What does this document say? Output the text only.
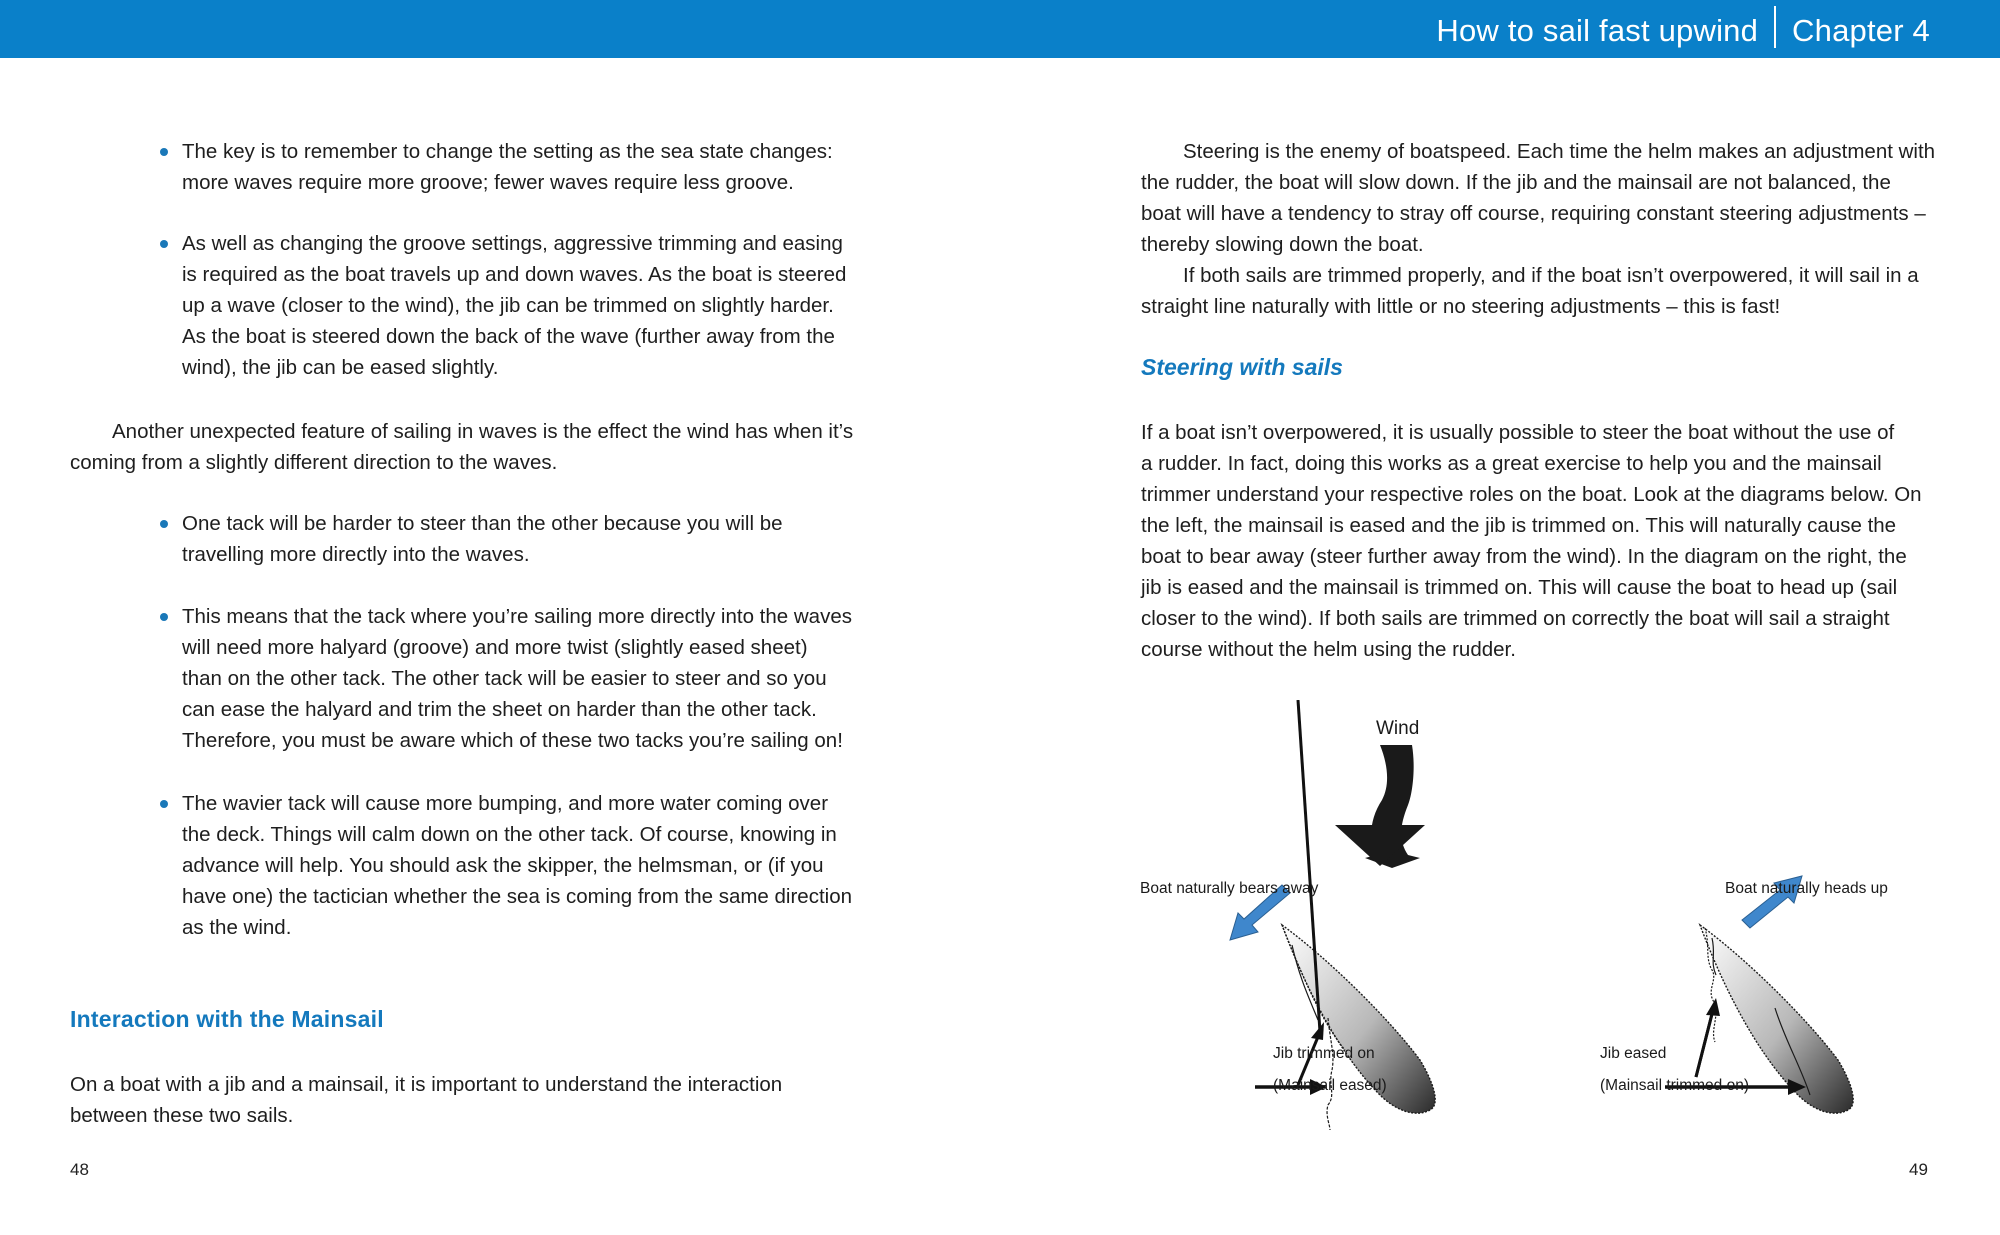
How to sail fast upwind Chapter 4
The key is to remember to change the setting as the sea state changes:
more waves require more groove; fewer waves require less groove.
As well as changing the groove settings, aggressive trimming and easing
is required as the boat travels up and down waves. As the boat is steered
up a wave (closer to the wind), the jib can be trimmed on slightly harder.
As the boat is steered down the back of the wave (further away from the
wind), the jib can be eased slightly.
Another unexpected feature of sailing in waves is the effect the wind has when it’s
coming from a slightly different direction to the waves.
One tack will be harder to steer than the other because you will be
travelling more directly into the waves.
This means that the tack where you’re sailing more directly into the waves
will need more halyard (groove) and more twist (slightly eased sheet)
than on the other tack. The other tack will be easier to steer and so you
can ease the halyard and trim the sheet on harder than the other tack.
Therefore, you must be aware which of these two tacks you’re sailing on!
The wavier tack will cause more bumping, and more water coming over
the deck. Things will calm down on the other tack. Of course, knowing in
advance will help. You should ask the skipper, the helmsman, or (if you
have one) the tactician whether the sea is coming from the same direction
as the wind.
Interaction with the Mainsail
On a boat with a jib and a mainsail, it is important to understand the interaction
between these two sails.
48
Steering is the enemy of boatspeed. Each time the helm makes an adjustment with
the rudder, the boat will slow down. If the jib and the mainsail are not balanced, the
boat will have a tendency to stray off course, requiring constant steering adjustments –
thereby slowing down the boat.
If both sails are trimmed properly, and if the boat isn’t overpowered, it will sail in a
straight line naturally with little or no steering adjustments – this is fast!
Steering with sails
If a boat isn’t overpowered, it is usually possible to steer the boat without the use of
a rudder. In fact, doing this works as a great exercise to help you and the mainsail
trimmer understand your respective roles on the boat. Look at the diagrams below. On
the left, the mainsail is eased and the jib is trimmed on. This will naturally cause the
boat to bear away (steer further away from the wind). In the diagram on the right, the
jib is eased and the mainsail is trimmed on. This will cause the boat to head up (sail
closer to the wind). If both sails are trimmed on correctly the boat will sail a straight
course without the helm using the rudder.
Wind
Boat naturally bears away	Boat naturally heads up
Jib trimmed on
(Mainsail eased)
Jib eased
(Mainsail trimmed on)
49
